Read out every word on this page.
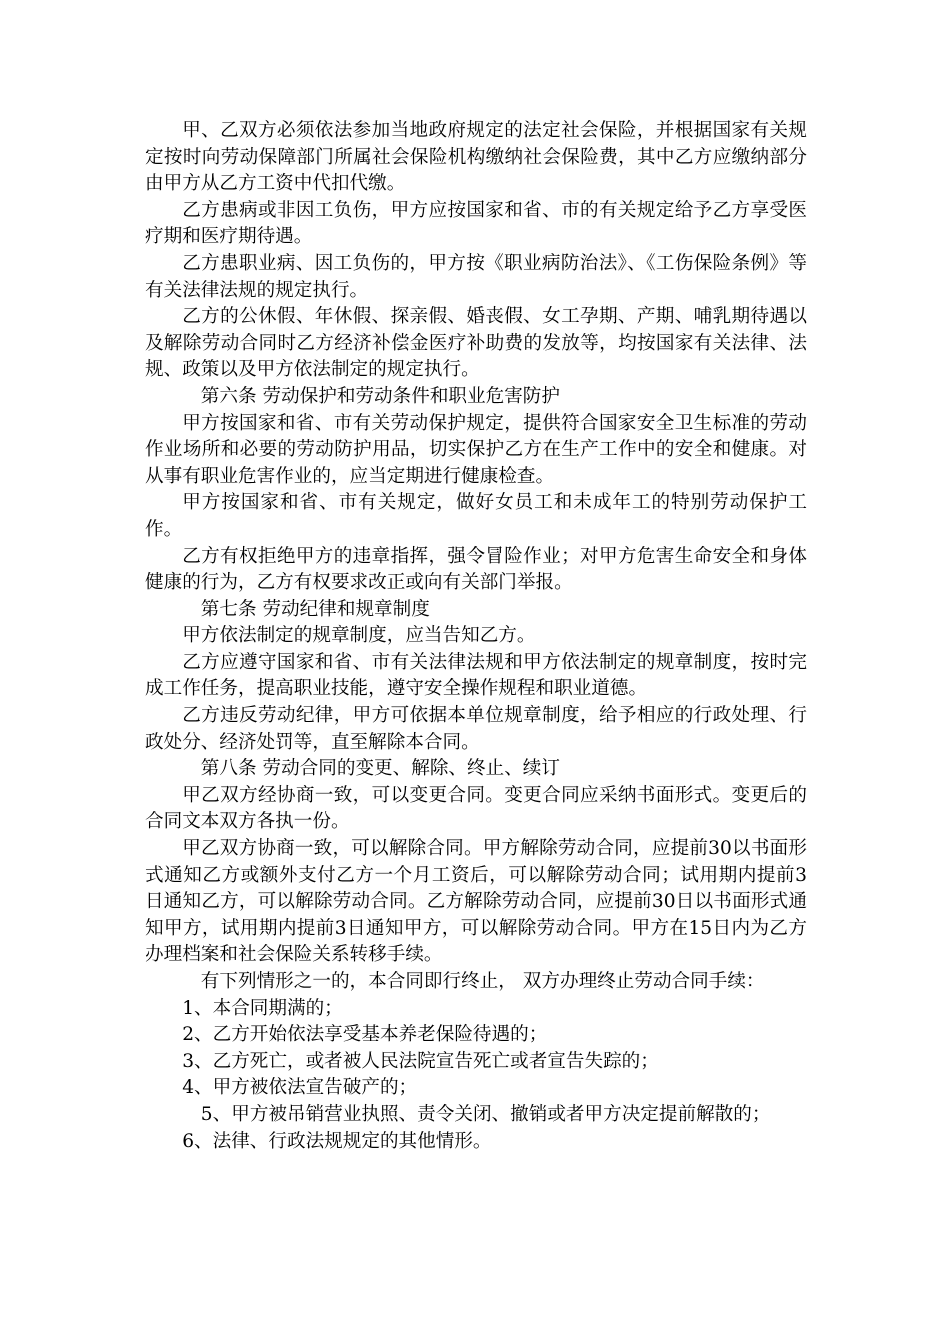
甲、乙双方必须依法参加当地政府规定的法定社会保险，并根据国家有关规定按时向劳动保障部门所属社会保险机构缴纳社会保险费，其中乙方应缴纳部分由甲方从乙方工资中代扣代缴。

乙方患病或非因工负伤，甲方应按国家和省、市的有关规定给予乙方享受医疗期和医疗期待遇。

乙方患职业病、因工负伤的，甲方按《职业病防治法》、《工伤保险条例》等有关法律法规的规定执行。

乙方的公休假、年休假、探亲假、婚丧假、女工孕期、产期、哺乳期待遇以及解除劳动合同时乙方经济补偿金医疗补助费的发放等，均按国家有关法律、法规、政策以及甲方依法制定的规定执行。

第六条 劳动保护和劳动条件和职业危害防护

甲方按国家和省、市有关劳动保护规定，提供符合国家安全卫生标准的劳动作业场所和必要的劳动防护用品，切实保护乙方在生产工作中的安全和健康。对从事有职业危害作业的，应当定期进行健康检查。

甲方按国家和省、市有关规定，做好女员工和未成年工的特别劳动保护工作。

乙方有权拒绝甲方的违章指挥，强令冒险作业；对甲方危害生命安全和身体健康的行为，乙方有权要求改正或向有关部门举报。

第七条 劳动纪律和规章制度

甲方依法制定的规章制度，应当告知乙方。

乙方应遵守国家和省、市有关法律法规和甲方依法制定的规章制度，按时完成工作任务，提高职业技能，遵守安全操作规程和职业道德。

乙方违反劳动纪律，甲方可依据本单位规章制度，给予相应的行政处理、行政处分、经济处罚等，直至解除本合同。

第八条 劳动合同的变更、解除、终止、续订

甲乙双方经协商一致，可以变更合同。变更合同应采纳书面形式。变更后的合同文本双方各执一份。

甲乙双方协商一致，可以解除合同。甲方解除劳动合同，应提前30以书面形式通知乙方或额外支付乙方一个月工资后，可以解除劳动合同；试用期内提前3日通知乙方，可以解除劳动合同。乙方解除劳动合同，应提前30日以书面形式通知甲方，试用期内提前3日通知甲方，可以解除劳动合同。甲方在15日内为乙方办理档案和社会保险关系转移手续。

有下列情形之一的，本合同即行终止， 双方办理终止劳动合同手续：

1、本合同期满的；

2、乙方开始依法享受基本养老保险待遇的；

3、乙方死亡，或者被人民法院宣告死亡或者宣告失踪的；

4、甲方被依法宣告破产的；

5、甲方被吊销营业执照、责令关闭、撤销或者甲方决定提前解散的；

6、法律、行政法规规定的其他情形。
